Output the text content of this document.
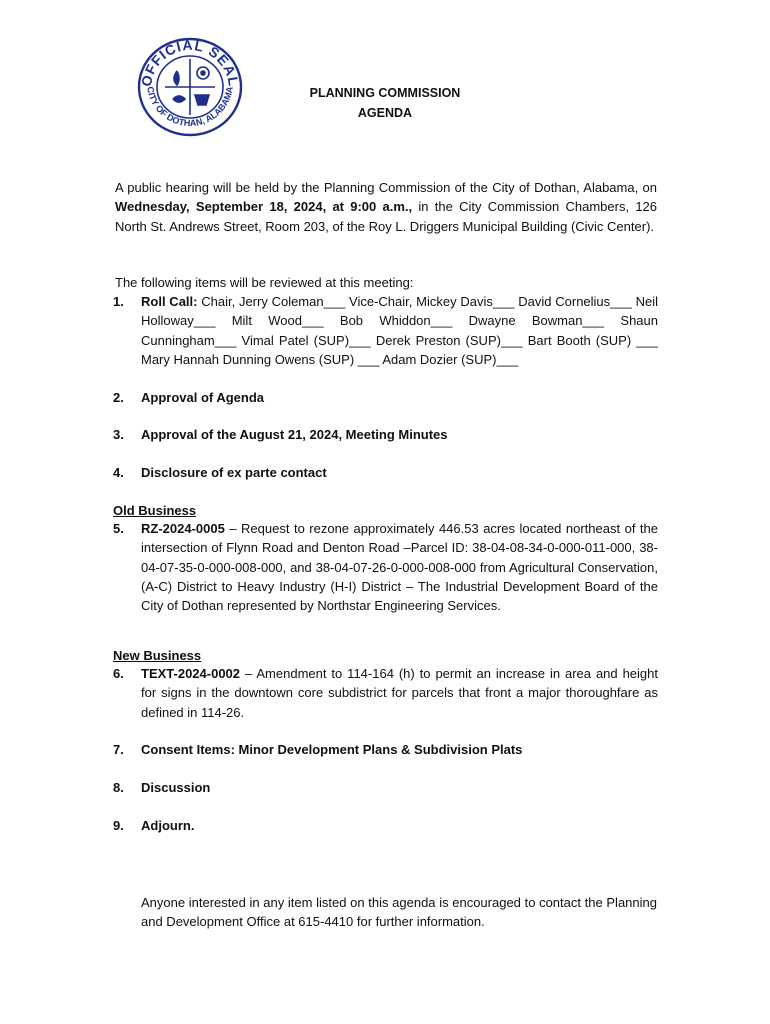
OFFICIAL SEAL
CITY OF DOTHAN, ALABAMA	PLANNING COMMISSION
AGENDA
A public hearing will be held by the Planning Commission of the City of Dothan, Alabama, on Wednesday, September 18, 2024, at 9:00 a.m., in the City Commission Chambers, 126 North St. Andrews Street, Room 203, of the Roy L. Driggers Municipal Building (Civic Center).
The following items will be reviewed at this meeting:
1. Roll Call: Chair, Jerry Coleman___ Vice-Chair, Mickey Davis___ David Cornelius___ Neil Holloway___ Milt Wood___ Bob Whiddon___ Dwayne Bowman___ Shaun Cunningham___ Vimal Patel (SUP)___ Derek Preston (SUP)___ Bart Booth (SUP) ___ Mary Hannah Dunning Owens (SUP) ___ Adam Dozier (SUP)___
2. Approval of Agenda
3. Approval of the August 21, 2024, Meeting Minutes
4. Disclosure of ex parte contact
Old Business
5. RZ-2024-0005 – Request to rezone approximately 446.53 acres located northeast of the intersection of Flynn Road and Denton Road –Parcel ID: 38-04-08-34-0-000-011-000, 38-04-07-35-0-000-008-000, and 38-04-07-26-0-000-008-000 from Agricultural Conservation, (A-C) District to Heavy Industry (H-I) District – The Industrial Development Board of the City of Dothan represented by Northstar Engineering Services.
New Business
6. TEXT-2024-0002 – Amendment to 114-164 (h) to permit an increase in area and height for signs in the downtown core subdistrict for parcels that front a major thoroughfare as defined in 114-26.
7. Consent Items: Minor Development Plans & Subdivision Plats
8. Discussion
9. Adjourn.
Anyone interested in any item listed on this agenda is encouraged to contact the Planning and Development Office at 615-4410 for further information.
